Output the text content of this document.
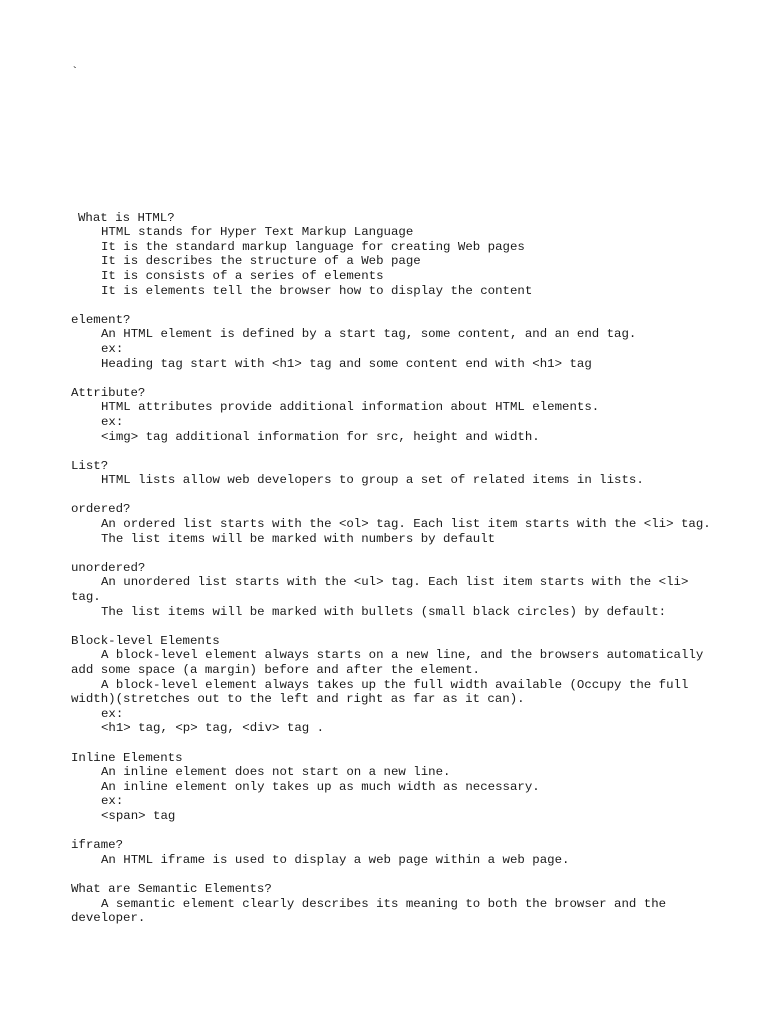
`
What is HTML?
HTML stands for Hyper Text Markup Language
It is the standard markup language for creating Web pages
It is describes the structure of a Web page
It is consists of a series of elements
It is elements tell the browser how to display the content
element?
An HTML element is defined by a start tag, some content, and an end tag.
ex:
Heading tag start with <h1> tag and some content end with <h1> tag
Attribute?
HTML attributes provide additional information about HTML elements.
ex:
<img> tag additional information for src, height and width.
List?
HTML lists allow web developers to group a set of related items in lists.
ordered?
An ordered list starts with the <ol> tag. Each list item starts with the <li> tag.
The list items will be marked with numbers by default
unordered?
An unordered list starts with the <ul> tag. Each list item starts with the <li> tag.
The list items will be marked with bullets (small black circles) by default:
Block-level Elements
A block-level element always starts on a new line, and the browsers automatically add some space (a margin) before and after the element.
A block-level element always takes up the full width available (Occupy the full width)(stretches out to the left and right as far as it can).
ex:
<h1> tag, <p> tag, <div> tag .
Inline Elements
An inline element does not start on a new line.
An inline element only takes up as much width as necessary.
ex:
<span> tag
iframe?
An HTML iframe is used to display a web page within a web page.
What are Semantic Elements?
A semantic element clearly describes its meaning to both the browser and the developer.
